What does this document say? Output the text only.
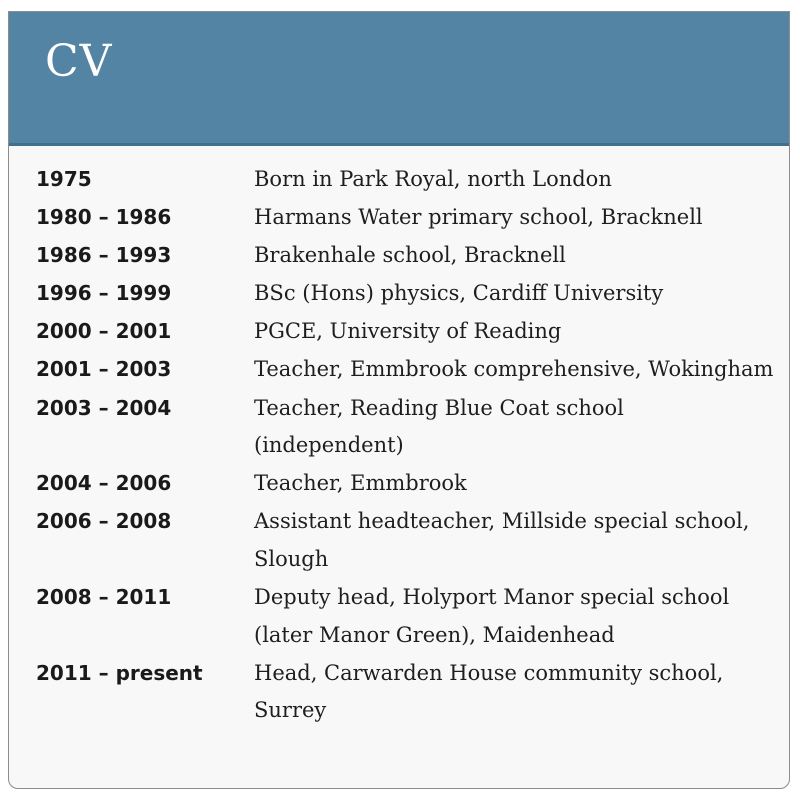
CV
1975	Born in Park Royal, north London
1980 – 1986	Harmans Water primary school, Bracknell
1986 – 1993	Brakenhale school, Bracknell
1996 – 1999	BSc (Hons) physics, Cardiff University
2000 – 2001	PGCE, University of Reading
2001 – 2003	Teacher, Emmbrook comprehensive, Wokingham
2003 – 2004	Teacher, Reading Blue Coat school (independent)
2004 – 2006	Teacher, Emmbrook
2006 – 2008	Assistant headteacher, Millside special school, Slough
2008 – 2011	Deputy head, Holyport Manor special school (later Manor Green), Maidenhead
2011 – present	Head, Carwarden House community school, Surrey
